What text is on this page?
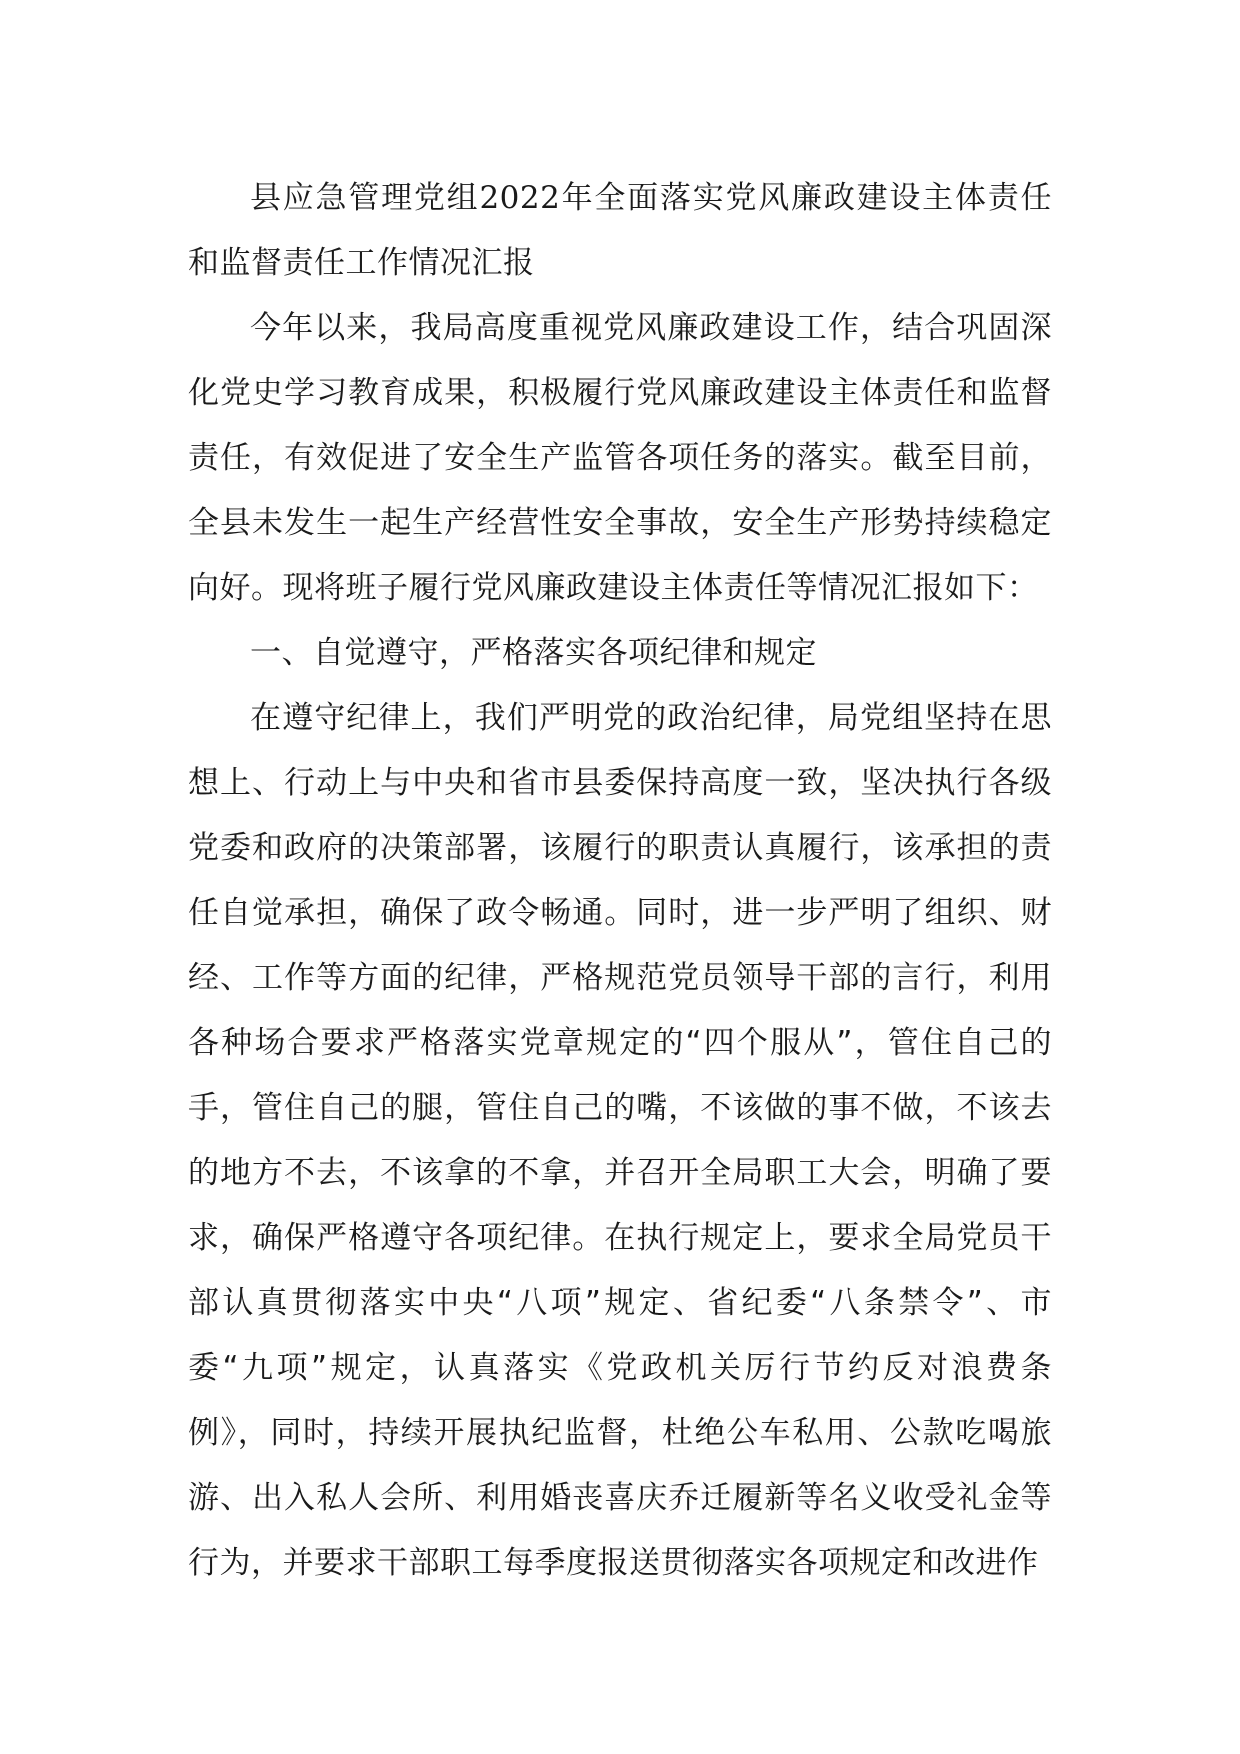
县应急管理党组2022年全面落实党风廉政建设主体责任和监督责任工作情况汇报

今年以来，我局高度重视党风廉政建设工作，结合巩固深化党史学习教育成果，积极履行党风廉政建设主体责任和监督责任，有效促进了安全生产监管各项任务的落实。截至目前，全县未发生一起生产经营性安全事故，安全生产形势持续稳定向好。现将班子履行党风廉政建设主体责任等情况汇报如下：

一、自觉遵守，严格落实各项纪律和规定

在遵守纪律上，我们严明党的政治纪律，局党组坚持在思想上、行动上与中央和省市县委保持高度一致，坚决执行各级党委和政府的决策部署，该履行的职责认真履行，该承担的责任自觉承担，确保了政令畅通。同时，进一步严明了组织、财经、工作等方面的纪律，严格规范党员领导干部的言行，利用各种场合要求严格落实党章规定的“四个服从”，管住自己的手，管住自己的腿，管住自己的嘴，不该做的事不做，不该去的地方不去，不该拿的不拿，并召开全局职工大会，明确了要求，确保严格遵守各项纪律。在执行规定上，要求全局党员干部认真贯彻落实中央“八项”规定、省纪委“八条禁令”、市委“九项”规定，认真落实《党政机关厉行节约反对浪费条例》，同时，持续开展执纪监督，杜绝公车私用、公款吃喝旅游、出入私人会所、利用婚丧喜庆乔迁履新等名义收受礼金等行为，并要求干部职工每季度报送贯彻落实各项规定和改进作
